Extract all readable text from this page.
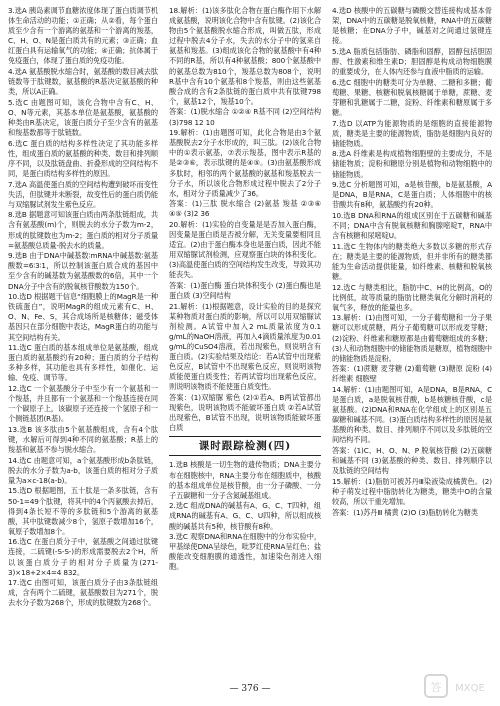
3.选A 胰岛素调节血糖浓度体现了蛋白质调节机体生命活动的功能；①正确；从②看，每个蛋白质至少含有一个游离的氨基和一个游离的羧基，C、H、O、N是蛋白质共有的元素；③正确；血红蛋白具有运输氧气的功能；④正确；抗体属于免疫蛋白，体现了蛋白质的免疫功能。
4.选A 氨基酸脱水缩合时，氨基酸的数目减去肽链数等于肽键数，氨基酸的R基决定氨基酸的种类，所以A正确。
5.选C 由题图可知，该化合物中含有C、H、O、N等元素，其基本单位是氨基酸，氨基酸的种类由R基决定，该蛋白质分子至少含有的氨基和羧基数都等于肽链数。
6.选C 蛋白质的结构多样性决定了其功能多样性，组成蛋白质的氨基酸的种类、数目和排列顺序不同，以及肽链盘曲、折叠形成的空间结构不同，是蛋白质结构多样性的原因。
7.选A 高温使蛋白质的空间结构遭到破坏而变性失活，但肽键并未断裂，故变性后的蛋白质仍能与双缩脲试剂发生紫色反应。
8.选B 据题意可知该蛋白质由两条肽链组成，共含有氨基酸(m)个，则脱去的水分子数为m-2，形成的肽键数也为m-2；蛋白质的相对分子质量=氨基酸总质量-脱去水的质量。
9.选B 由于DNA中碱基数∶mRNA中碱基数∶氨基酸数=6∶3∶1，所以控制该蛋白质合成的基因中至少含有的碱基数为氨基酸数的6倍，其中一个DNA分子中含有的脱氧核苷酸数为150个。
10.选D 根据题干信息“细胞膜上的MagR是一种铁硫蛋白”，说明MagR的组成元素有C、H、O、N、Fe、S，其合成场所是核糖体；磁受体基因只在部分细胞中表达，MagR蛋白的功能与其空间结构有关。
11.选C 蛋白质的基本组成单位是氨基酸，组成蛋白质的氨基酸约有20种；蛋白质的分子结构多种多样，其功能也具有多样性，如催化、运输、免疫、调节等。
12.选C 一个氨基酸分子中至少有一个氨基和一个羧基，并且都有一个氨基和一个羧基连接在同一个碳原子上，该碳原子还连接一个氢原子和一个侧链基团(R基)。
13.选B 该多肽由5个氨基酸组成，含有4个肽键，水解后可得到4种不同的氨基酸；R基上的羧基和氨基不参与脱水缩合。
14.选C 由题意可知，a个氨基酸形成b条肽链，脱去的水分子数为a-b，该蛋白质的相对分子质量为a×c-18(a-b)。
15.选D 根据题图，五十肽是一条多肽链，含有50-1=49个肽键，将其中的4个丙氨酸去掉后，得到4条长短不等的多肽链和5个游离的氨基酸，其中肽键数减少8个，氢原子数增加16个，氧原子数增加8个。
16.选C 在蛋白质分子中，氨基酸之间通过肽键连接，二硫键(-S-S-)的形成需要脱去2个H，所以该蛋白质分子的相对分子质量为(271-3)×18+2×4=4 832。
17.选C 由图可知，该蛋白质分子由3条肽链组成，含有两个二硫键，氨基酸数目为271个，脱去水分子数为268个，形成的肽键数为268个。
18.解析：(1)该多肽化合物在蛋白酶作用下水解成氨基酸，说明该化合物中含有肽键。(2)该化合物由5个氨基酸脱水缩合形成，叫做五肽，形成过程中脱去4分子水，失去的水分子中的氢来自氨基和羧基。(3)组成该化合物的氨基酸中有4种不同的R基，所以有4种氨基酸；800个氨基酸中的氨基总数为810个，羧基总数为808个，说明R基中含有10个氨基和8个羧基，则由这些氨基酸合成的含有2条肽链的蛋白质中共有肽键798个，氨基12个，羧基10个。
答案：(1)脱水缩合 ①②④ R基不同 (2)空间结构 (3)798 12 10
19.解析：(1)由题图可知，此化合物是由3个氨基酸脱去2分子水形成的，叫三肽。(2)该化合物中的①表示氨基，⑦表示羧基，图中表示R基的是②③⑥，表示肽键的是④⑤。(3)由氨基酸形成多肽时，相邻的两个氨基酸的氨基和羧基脱去一分子水，所以该化合物形成过程中脱去了2分子水，相对分子质量减少了36。
答案：(1)三肽 脱水缩合 (2)氨基 羧基 ②③⑥ ④⑤ (3)2 36
20.解析：(1)实验的自变量是是否加入蛋白酶，因变量是蛋白质是否被分解，无关变量要相同且适宜。(2)由于蛋白酶本身也是蛋白质，因此不能用双缩脲试剂检测，应观察蛋白块的体积变化。(3)高温使蛋白质的空间结构发生改变，导致其功能丧失。
答案：(1)蛋白酶 蛋白块体积变小 (2)蛋白酶也是蛋白质 (3)空间结构
21.解析：(1)根据题意，设计实验的目的是探究某种物质对蛋白质的影响，所以可以用双缩脲试剂检测。A试管中加入2 mL质量浓度为0.1 g/mL的NaOH溶液，再加入4滴质量浓度为0.01 g/mL的CuSO4溶液，若出现紫色，则说明含有蛋白质。(2)实验结果及结论：若A试管中出现紫色反应，B试管中不出现紫色反应，则说明该物质能使蛋白质变性；若两试管均出现紫色反应，则说明该物质不能使蛋白质变性。
答案：(1)双缩脲 紫色 (2)①若A、B两试管都出现紫色，说明该物质不能破坏蛋白质 ②若A试管出现紫色，B试管不出现，说明该物质能破坏蛋白质
课时跟踪检测(四)
1.选B 核酸是一切生物的遗传物质；DNA主要分布在细胞核中，RNA主要分布在细胞质中，核酸的基本组成单位是核苷酸，由一分子磷酸、一分子五碳糖和一分子含氮碱基组成。
2.选C 组成DNA的碱基有A、G、C、T四种，组成RNA的碱基有A、G、C、U四种，所以组成核酸的碱基共有5种，核苷酸有8种。
3.选C 观察DNA和RNA在细胞中的分布实验中，甲基绿使DNA呈绿色，吡罗红使RNA呈红色；盐酸能改变细胞膜的通透性，加速染色剂进入细胞。
4.选D 核酸中的五碳糖与磷酸交替连接构成基本骨架，DNA中的五碳糖是脱氧核糖，RNA中的五碳糖是核糖；在DNA分子中，碱基对之间通过氢键连接。
5.选A 脂质包括脂肪、磷脂和固醇，固醇包括胆固醇、性激素和维生素D；胆固醇是构成动物细胞膜的重要成分，在人体内还参与血液中脂质的运输。
6.选C 细胞中的糖类可分为单糖、二糖和多糖；葡萄糖、果糖、核糖和脱氧核糖属于单糖，蔗糖、麦芽糖和乳糖属于二糖，淀粉、纤维素和糖原属于多糖。
7.选D 以ATP为能源物质的是细胞的直接能源物质，糖类是主要的能源物质，脂肪是细胞内良好的储能物质。
8.选A 纤维素是构成植物细胞壁的主要成分，不是储能物质；淀粉和糖原分别是植物和动物细胞中的储能物质。
9.选C 分析题图可知，a是核苷酸，b是氨基酸，A是DNA，B是RNA，C是蛋白质；人体细胞中的核苷酸共有8种，氨基酸约有20种。
10.选B DNA和RNA的组成区别在于五碳糖和碱基不同；DNA中含有脱氧核糖和胸腺嘧啶T，RNA中含有核糖和尿嘧啶U。
11.选C 生物体内的糖类绝大多数以多糖的形式存在；糖类是主要的能源物质，但并非所有的糖类都能为生命活动提供能量，如纤维素、核糖和脱氧核糖。
12.选C 与糖类相比，脂肪中C、H的比例高，O的比例低，故等质量的脂肪比糖类氧化分解时消耗的氧气多，释放的能量也多。
13.解析：(1)由图可知，一分子葡萄糖和一分子果糖可以形成蔗糖，两分子葡萄糖可以形成麦芽糖；(2)淀粉、纤维素和糖原都是由葡萄糖组成的多糖；(3)人和动物细胞中的储能物质是糖原，植物细胞中的储能物质是淀粉。
答案：(1)蔗糖 麦芽糖 (2)葡萄糖 (3)糖原 淀粉 (4)纤维素 细胞壁
14.解析：(1)由题图可知，A是DNA，B是RNA，C是蛋白质，a是脱氧核苷酸，b是核糖核苷酸，c是氨基酸。(2)DNA和RNA在化学组成上的区别是五碳糖和碱基不同。(3)蛋白质结构多样性的原因是氨基酸的种类、数目、排列顺序不同以及多肽链的空间结构不同。
答案：(1)C、H、O、N、P 脱氧核苷酸 (2)五碳糖和碱基不同 (3)氨基酸的种类、数目、排列顺序以及肽链的空间结构
15.解析：(1)脂肪可被苏丹Ⅲ染液染成橘黄色。(2)种子萌发过程中脂肪转化为糖类，糖类中O的含量较高，所以干重先增加。
答案：(1)苏丹Ⅲ 橘黄 (2)O (3)脂肪转化为糖类
— 376 —	答 MXQE
